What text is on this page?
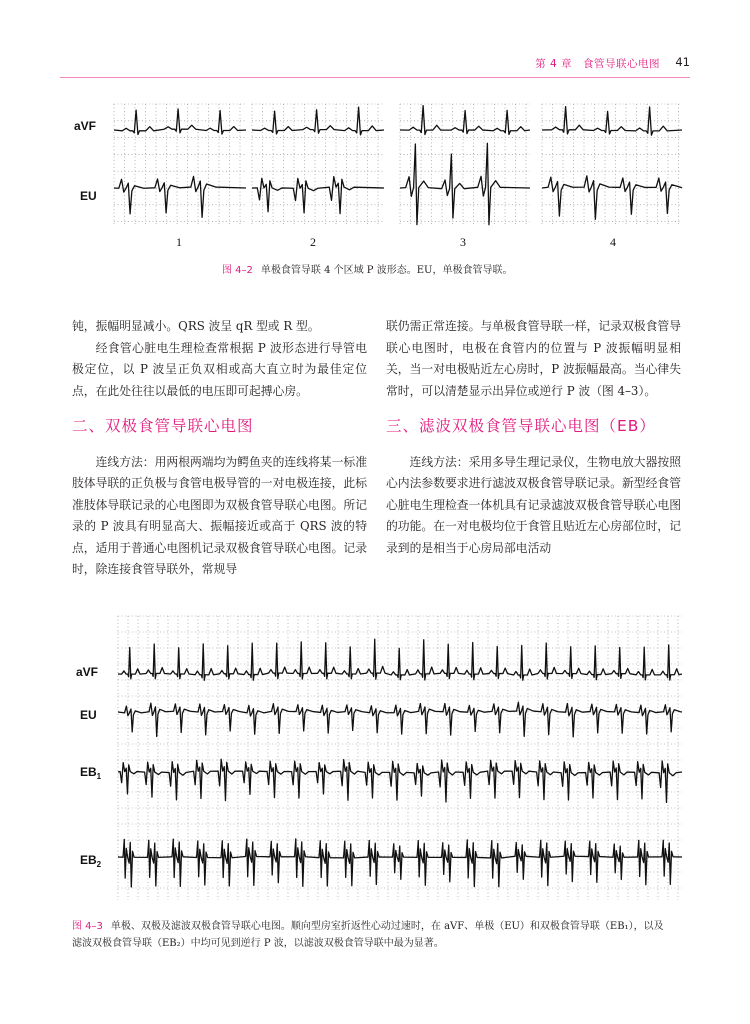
第 4 章　食管导联心电图 41
aVF
EU
1	2	3	4
图 4–2 单极食管导联 4 个区域 P 波形态。EU，单极食管导联。

钝，振幅明显减小。QRS 波呈 qR 型或 R 型。

经食管心脏电生理检查常根据 P 波形态进行导管电极定位，以 P 波呈正负双相或高大直立时为最佳定位点，在此处往往以最低的电压即可起搏心房。

二、双极食管导联心电图

连线方法：用两根两端均为鳄鱼夹的连线将某一标准肢体导联的正负极与食管电极导管的一对电极连接，此标准肢体导联记录的心电图即为双极食管导联心电图。所记录的 P 波具有明显高大、振幅接近或高于 QRS 波的特点，适用于普通心电图机记录双极食管导联心电图。记录时，除连接食管导联外，常规导

联仍需正常连接。与单极食管导联一样，记录双极食管导联心电图时，电极在食管内的位置与 P 波振幅明显相关，当一对电极贴近左心房时，P 波振幅最高。当心律失常时，可以清楚显示出异位或逆行 P 波（图 4–3）。

三、滤波双极食管导联心电图（EB）

连线方法：采用多导生理记录仪，生物电放大器按照心内法参数要求进行滤波双极食管导联记录。新型经食管心脏电生理检查一体机具有记录滤波双极食管导联心电图的功能。在一对电极均位于食管且贴近左心房部位时，记录到的是相当于心房局部电活动

aVF
EU
$EB_1$
$EB_2$
图 4–3 单极、双极及滤波双极食管导联心电图。顺向型房室折返性心动过速时，在 aVF、单极（EU）和双极食管导联（EB₁），以及
滤波双极食管导联（EB₂）中均可见到逆行 P 波，以滤波双极食管导联中最为显著。
